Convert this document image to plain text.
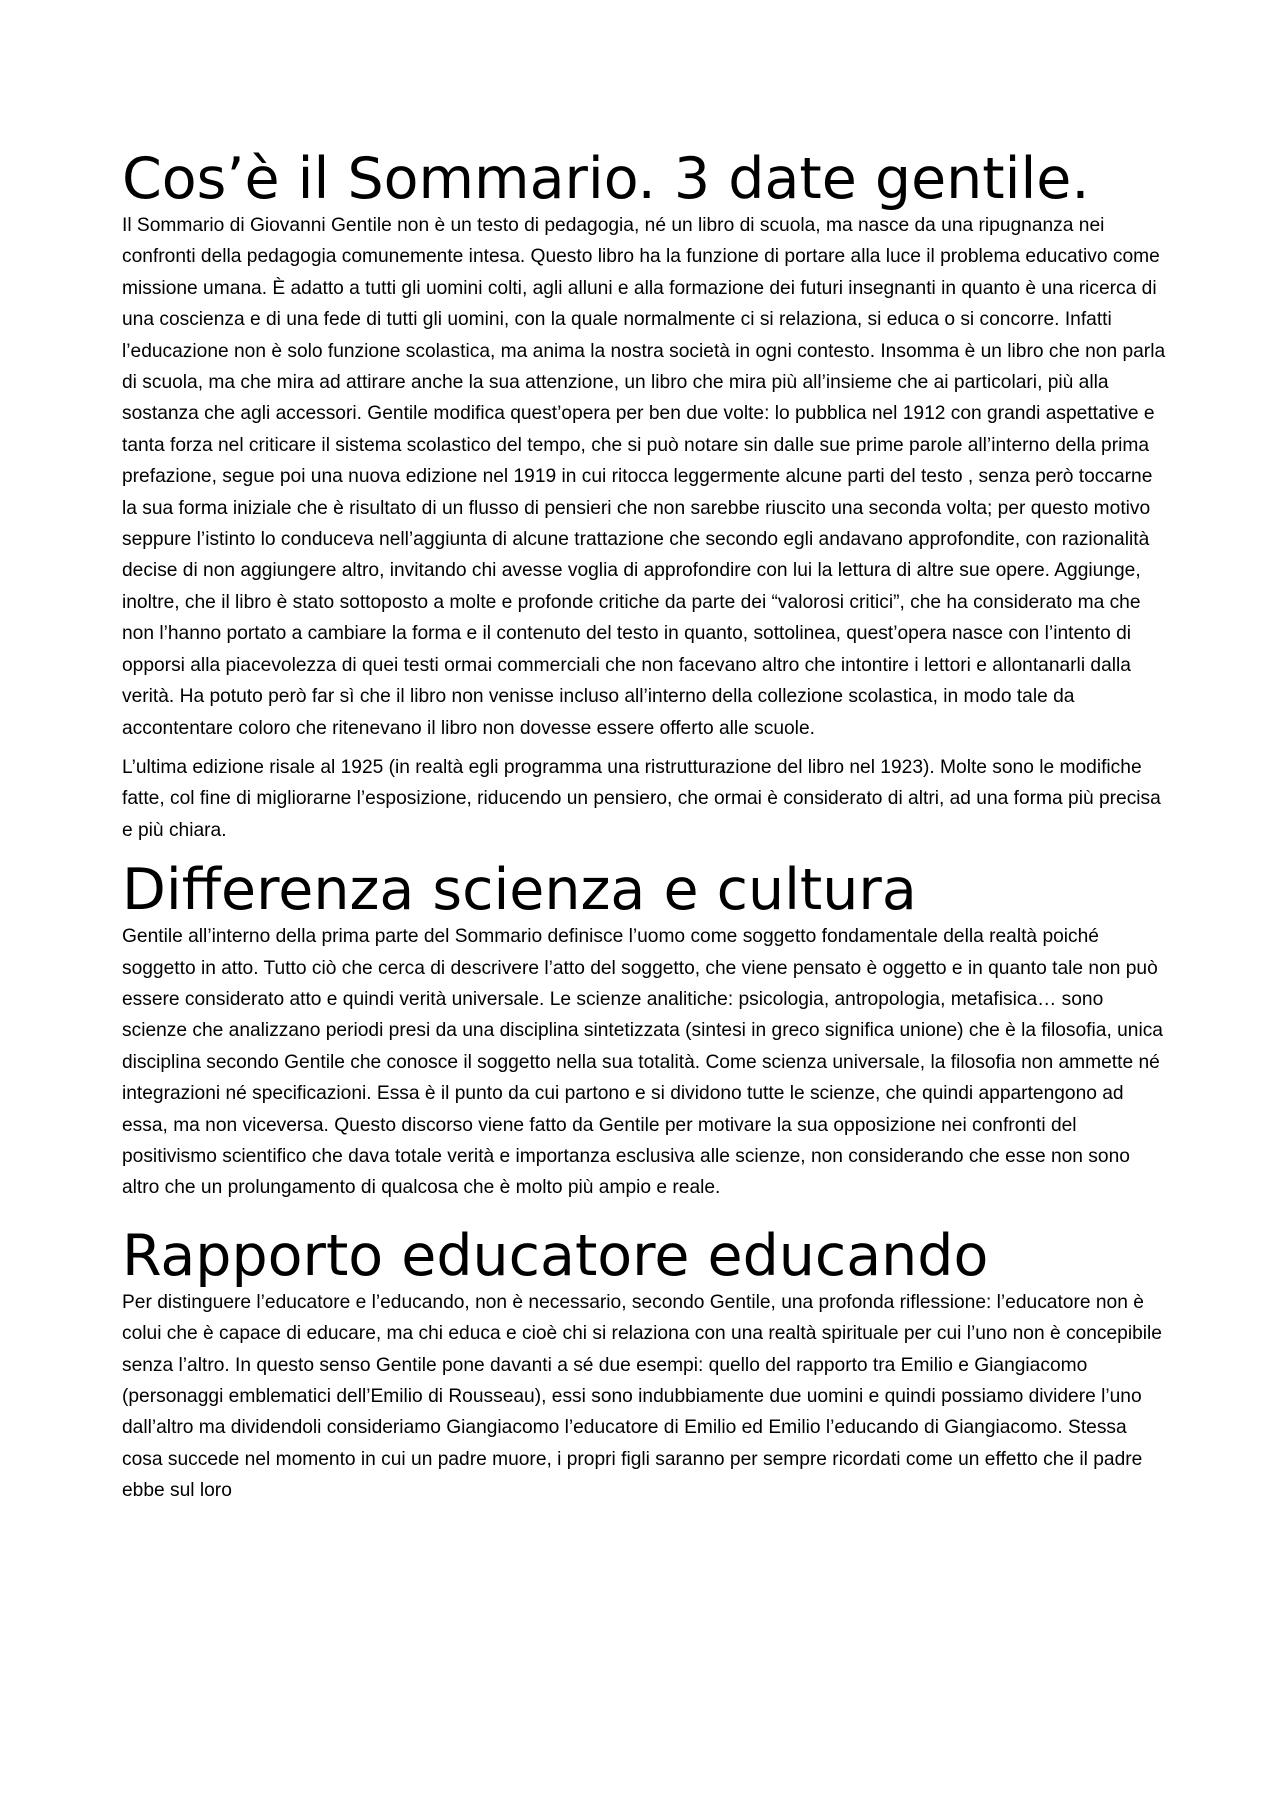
Cos’è il Sommario. 3 date gentile.

Il Sommario di Giovanni Gentile non è un testo di pedagogia, né un libro di scuola, ma nasce da una ripugnanza nei confronti della pedagogia comunemente intesa. Questo libro ha la funzione di portare alla luce il problema educativo come missione umana. È adatto a tutti gli uomini colti, agli alluni e alla formazione dei futuri insegnanti in quanto è una ricerca di una coscienza e di una fede di tutti gli uomini, con la quale normalmente ci si relaziona, si educa o si concorre. Infatti l’educazione non è solo funzione scolastica, ma anima la nostra società in ogni contesto. Insomma è un libro che non parla di scuola, ma che mira ad attirare anche la sua attenzione, un libro che mira più all’insieme che ai particolari, più alla sostanza che agli accessori. Gentile modifica quest’opera per ben due volte: lo pubblica nel 1912 con grandi aspettative e tanta forza nel criticare il sistema scolastico del tempo, che si può notare sin dalle sue prime parole all’interno della prima prefazione, segue poi una nuova edizione nel 1919 in cui ritocca leggermente alcune parti del testo , senza però toccarne la sua forma iniziale che è risultato di un flusso di pensieri che non sarebbe riuscito una seconda volta; per questo motivo seppure l’istinto lo conduceva nell’aggiunta di alcune trattazione che secondo egli andavano approfondite, con razionalità decise di non aggiungere altro, invitando chi avesse voglia di approfondire con lui la lettura di altre sue opere. Aggiunge, inoltre, che il libro è stato sottoposto a molte e profonde critiche da parte dei “valorosi critici”, che ha considerato ma che non l’hanno portato a cambiare la forma e il contenuto del testo in quanto, sottolinea, quest’opera nasce con l’intento di opporsi alla piacevolezza di quei testi ormai commerciali che non facevano altro che intontire i lettori e allontanarli dalla verità. Ha potuto però far sì che il libro non venisse incluso all’interno della collezione scolastica, in modo tale da accontentare coloro che ritenevano il libro non dovesse essere offerto alle scuole.

L’ultima edizione risale al 1925 (in realtà egli programma una ristrutturazione del libro nel 1923). Molte sono le modifiche fatte, col fine di migliorarne l’esposizione, riducendo un pensiero, che ormai è considerato di altri, ad una forma più precisa e più chiara.

Differenza scienza e cultura

Gentile all’interno della prima parte del Sommario definisce l’uomo come soggetto fondamentale della realtà poiché soggetto in atto. Tutto ciò che cerca di descrivere l’atto del soggetto, che viene pensato è oggetto e in quanto tale non può essere considerato atto e quindi verità universale. Le scienze analitiche: psicologia, antropologia, metafisica… sono scienze che analizzano periodi presi da una disciplina sintetizzata (sintesi in greco significa unione) che è la filosofia, unica disciplina secondo Gentile che conosce il soggetto nella sua totalità. Come scienza universale, la filosofia non ammette né integrazioni né specificazioni. Essa è il punto da cui partono e si dividono tutte le scienze, che quindi appartengono ad essa, ma non viceversa. Questo discorso viene fatto da Gentile per motivare la sua opposizione nei confronti del positivismo scientifico che dava totale verità e importanza esclusiva alle scienze, non considerando che esse non sono altro che un prolungamento di qualcosa che è molto più ampio e reale.

Rapporto educatore educando

Per distinguere l’educatore e l’educando, non è necessario, secondo Gentile, una profonda riflessione: l’educatore non è colui che è capace di educare, ma chi educa e cioè chi si relaziona con una realtà spirituale per cui l’uno non è concepibile senza l’altro. In questo senso Gentile pone davanti a sé due esempi: quello del rapporto tra Emilio e Giangiacomo (personaggi emblematici dell’Emilio di Rousseau), essi sono indubbiamente due uomini e quindi possiamo dividere l’uno dall’altro ma dividendoli consideriamo Giangiacomo l’educatore di Emilio ed Emilio l’educando di Giangiacomo. Stessa cosa succede nel momento in cui un padre muore, i propri figli saranno per sempre ricordati come un effetto che il padre ebbe sul loro
